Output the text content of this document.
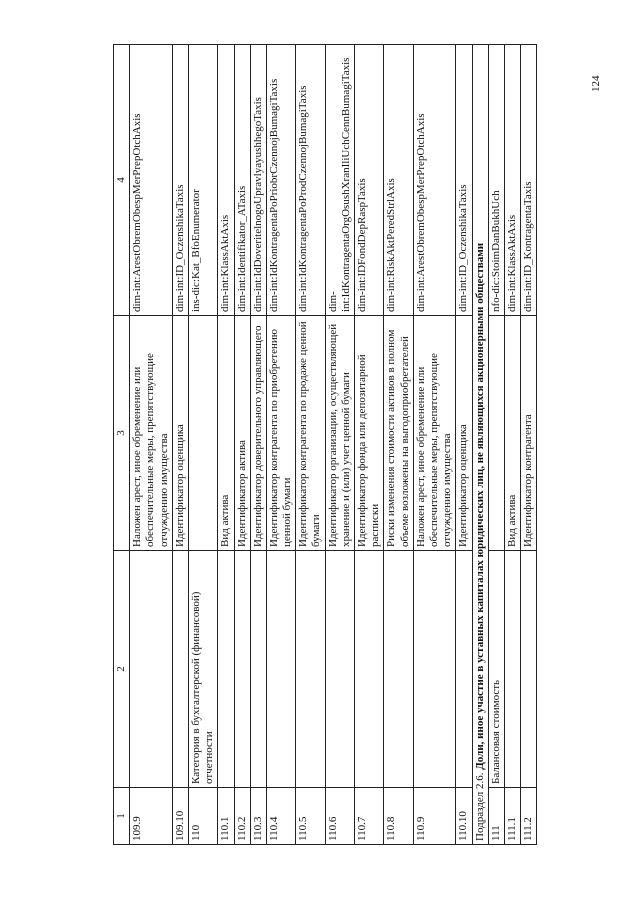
124
1	2	3	4
109.9		Наложен арест, иное обременение или обеспечительные меры, препятствующие отчуждению имущества	dim-int:ArestObremObespMerPrepOtchAxis
109.10		Идентификатор оценщика	dim-int:ID_OczenshikaTaxis
110	Категория в бухгалтерской (финансовой) отчетности		ins-dic:Kat_BfoEnumerator
110.1		Вид актива	dim-int:KlassAktAxis
110.2		Идентификатор актива	dim-int:Identifikator_ATaxis
110.3		Идентификатор доверительного управляющего	dim-int:IdDoveritelnogoUpravlyayushhegoTaxis
110.4		Идентификатор контрагента по приобретению ценной бумаги	dim-int:IdKontragentaPoPriobrCzennojBumagiTaxis
110.5		Идентификатор контрагента по продаже ценной бумаги	dim-int:IdKontragentaPoProdCzennojBumagiTaxis
110.6		Идентификатор организации, осуществляющей хранение и (или) учет ценной бумаги	dim-int:IdKontragentaOrgOsushXranIliUchCennBumagiTaxis
110.7		Идентификатор фонда или депозитарной расписки	dim-int:IDFondDepRaspTaxis
110.8		Риски изменения стоимости активов в полном объеме возложены на выгодоприобретателей	dim-int:RiskAktPeredStrlAxis
110.9		Наложен арест, иное обременение или обеспечительные меры, препятствующие отчуждению имущества	dim-int:ArestObremObespMerPrepOtchAxis
110.10		Идентификатор оценщика	dim-int:ID_OczenshikaTaxis
Подраздел 2.6. Доли, иное участие в уставных капиталах юридических лиц, не являющихся акционерными обществами			
111	Балансовая стоимость		nfo-dic:StoimDanBukhUch
111.1		Вид актива	dim-int:KlassAktAxis
111.2		Идентификатор контрагента	dim-int:ID_KontragentaTaxis
